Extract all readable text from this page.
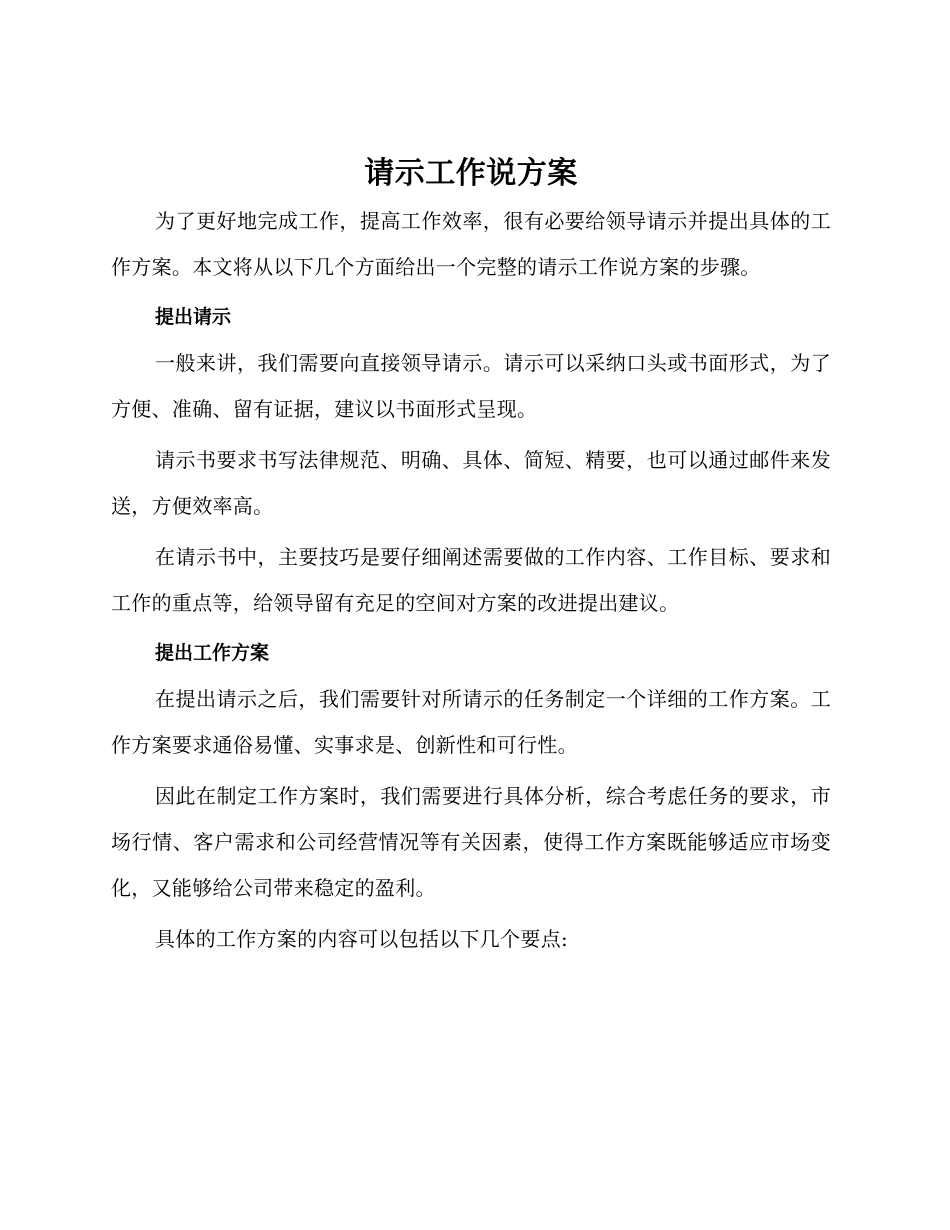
请示工作说方案

为了更好地完成工作，提高工作效率，很有必要给领导请示并提出具体的工作方案。本文将从以下几个方面给出一个完整的请示工作说方案的步骤。

提出请示

一般来讲，我们需要向直接领导请示。请示可以采纳口头或书面形式，为了方便、准确、留有证据，建议以书面形式呈现。

请示书要求书写法律规范、明确、具体、简短、精要，也可以通过邮件来发送，方便效率高。

在请示书中，主要技巧是要仔细阐述需要做的工作内容、工作目标、要求和工作的重点等，给领导留有充足的空间对方案的改进提出建议。

提出工作方案

在提出请示之后，我们需要针对所请示的任务制定一个详细的工作方案。工作方案要求通俗易懂、实事求是、创新性和可行性。

因此在制定工作方案时，我们需要进行具体分析，综合考虑任务的要求，市场行情、客户需求和公司经营情况等有关因素，使得工作方案既能够适应市场变化，又能够给公司带来稳定的盈利。

具体的工作方案的内容可以包括以下几个要点:
